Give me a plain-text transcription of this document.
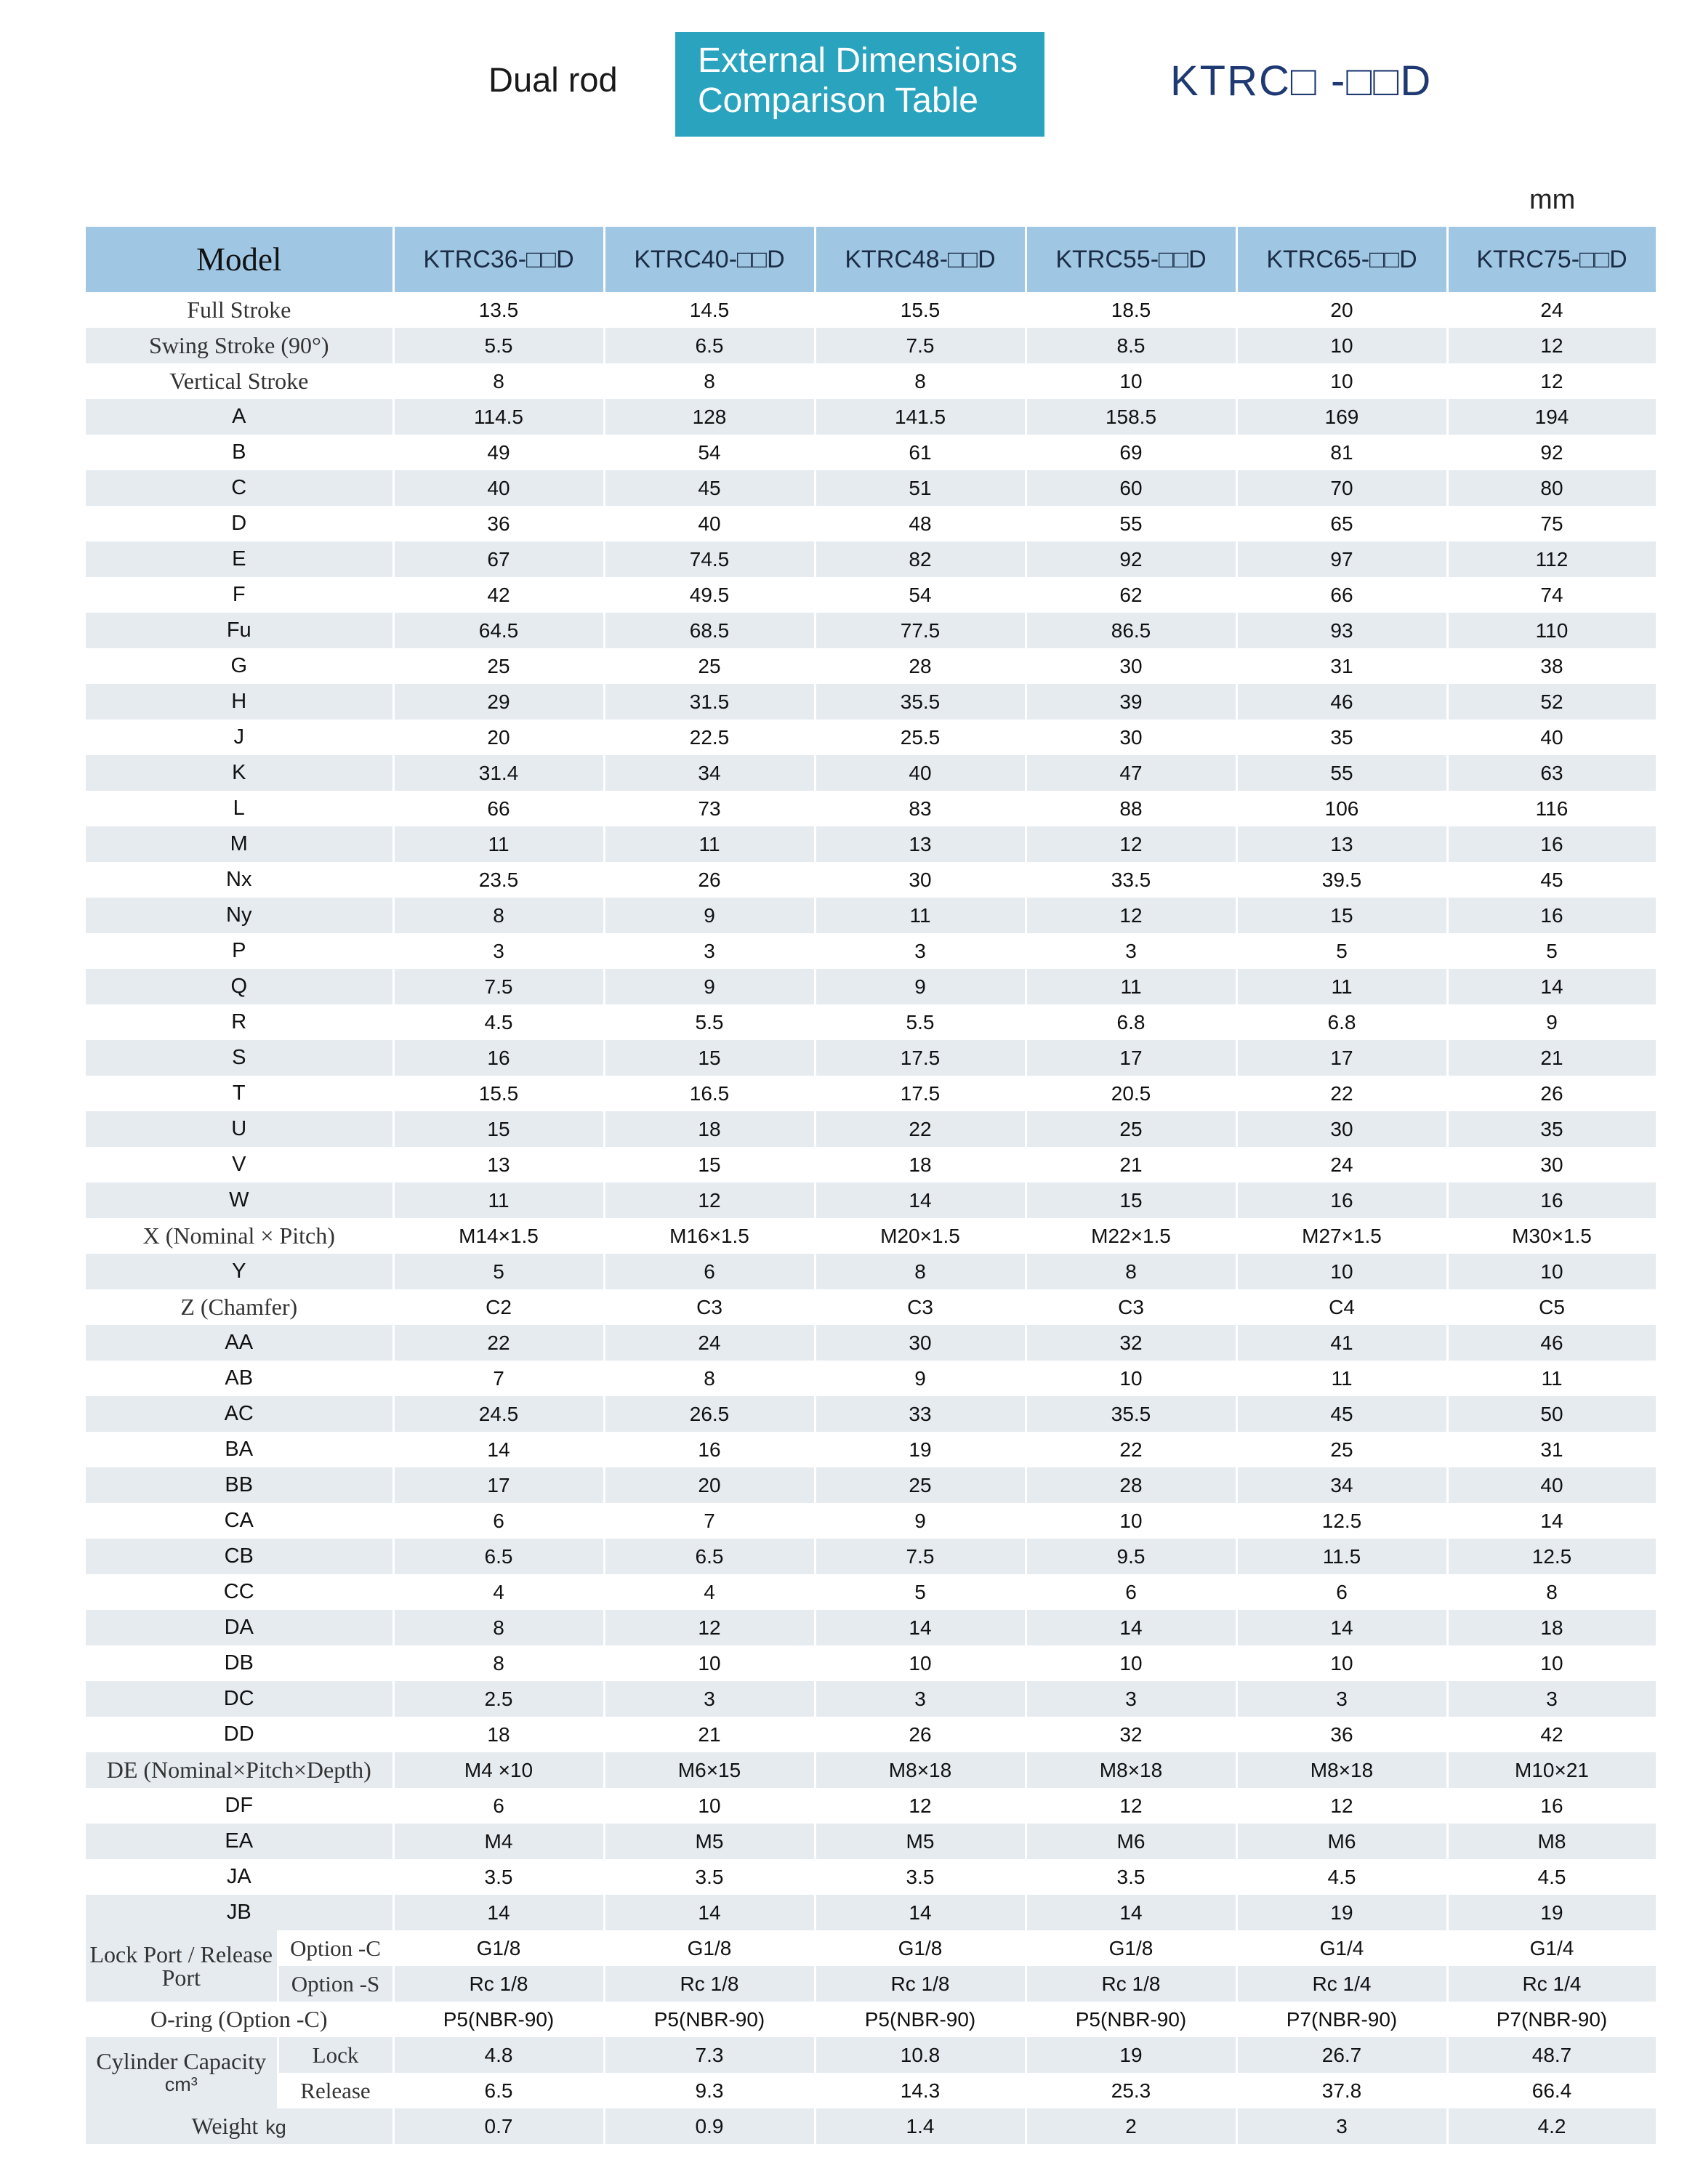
Dual rod External Dimensions
Comparison Table	KTRC□ -□□D
mm
Model		KTRC36-□□D	KTRC40-□□D	KTRC48-□□D	KTRC55-□□D	KTRC65-□□D	KTRC75-□□D
Full Stroke		13.5	14.5	15.5	18.5	20	24
Swing Stroke (90°)		5.5	6.5	7.5	8.5	10	12
Vertical Stroke		8	8	8	10	10	12
A		114.5	128	141.5	158.5	169	194
B		49	54	61	69	81	92
C		40	45	51	60	70	80
D		36	40	48	55	65	75
E		67	74.5	82	92	97	112
F		42	49.5	54	62	66	74
Fu		64.5	68.5	77.5	86.5	93	110
G		25	25	28	30	31	38
H		29	31.5	35.5	39	46	52
J		20	22.5	25.5	30	35	40
K		31.4	34	40	47	55	63
L		66	73	83	88	106	116
M		11	11	13	12	13	16
Nx		23.5	26	30	33.5	39.5	45
Ny		8	9	11	12	15	16
P		3	3	3	3	5	5
Q		7.5	9	9	11	11	14
R		4.5	5.5	5.5	6.8	6.8	9
S		16	15	17.5	17	17	21
T		15.5	16.5	17.5	20.5	22	26
U		15	18	22	25	30	35
V		13	15	18	21	24	30
W		11	12	14	15	16	16
X (Nominal × Pitch)		M14×1.5	M16×1.5	M20×1.5	M22×1.5	M27×1.5	M30×1.5
Y		5	6	8	8	10	10
Z (Chamfer)		C2	C3	C3	C3	C4	C5
AA		22	24	30	32	41	46
AB		7	8	9	10	11	11
AC		24.5	26.5	33	35.5	45	50
BA		14	16	19	22	25	31
BB		17	20	25	28	34	40
CA		6	7	9	10	12.5	14
CB		6.5	6.5	7.5	9.5	11.5	12.5
CC		4	4	5	6	6	8
DA		8	12	14	14	14	18
DB		8	10	10	10	10	10
DC		2.5	3	3	3	3	3
DD		18	21	26	32	36	42
DE (Nominal×Pitch×Depth)		M4 ×10	M6×15	M8×18	M8×18	M8×18	M10×21
DF		6	10	12	12	12	16
EA		M4	M5	M5	M6	M6	M8
JA		3.5	3.5	3.5	3.5	4.5	4.5
JB		14	14	14	14	19	19
Lock Port / Release Port	Option -C	G1/8	G1/8	G1/8	G1/8	G1/4	G1/4
	Option -S	Rc 1/8	Rc 1/8	Rc 1/8	Rc 1/8	Rc 1/4	Rc 1/4
O-ring (Option -C)		P5(NBR-90)	P5(NBR-90)	P5(NBR-90)	P5(NBR-90)	P7(NBR-90)	P7(NBR-90)

Cylinder Capacity
cm³	Lock	4.8	7.3	10.8	19	26.7	48.7
	Release	6.5	9.3	14.3	25.3	37.8	66.4
Weight kg		0.7	0.9	1.4	2	3	4.2
